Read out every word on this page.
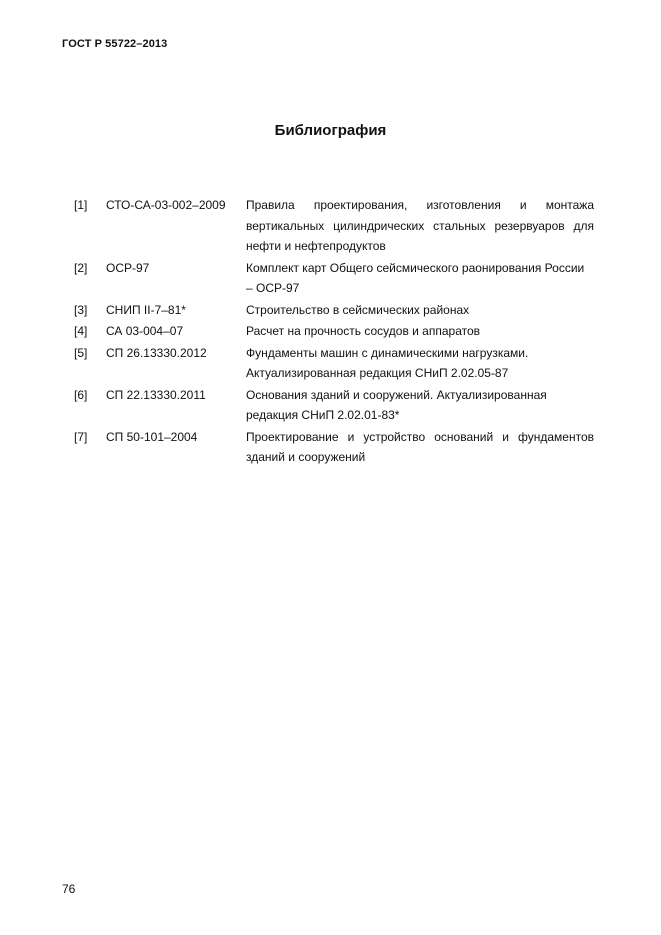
ГОСТ Р 55722–2013
Библиография
[1]	СТО-СА-03-002–2009	Правила проектирования, изготовления и монтажа вертикальных цилиндрических стальных резервуаров для нефти и нефтепродуктов
[2]	ОСР-97	Комплект карт Общего сейсмического раонирования России – ОСР-97
[3]	СНИП II-7–81*	Строительство в сейсмических районах
[4]	СА 03-004–07	Расчет на прочность сосудов и аппаратов
[5]	СП 26.13330.2012	Фундаменты машин с динамическими нагрузками. Актуализированная редакция СНиП 2.02.05-87
[6]	СП 22.13330.2011	Основания зданий и сооружений. Актуализированная редакция СНиП 2.02.01-83*
[7]	СП 50-101–2004	Проектирование и устройство оснований и фундаментов зданий и сооружений
76
